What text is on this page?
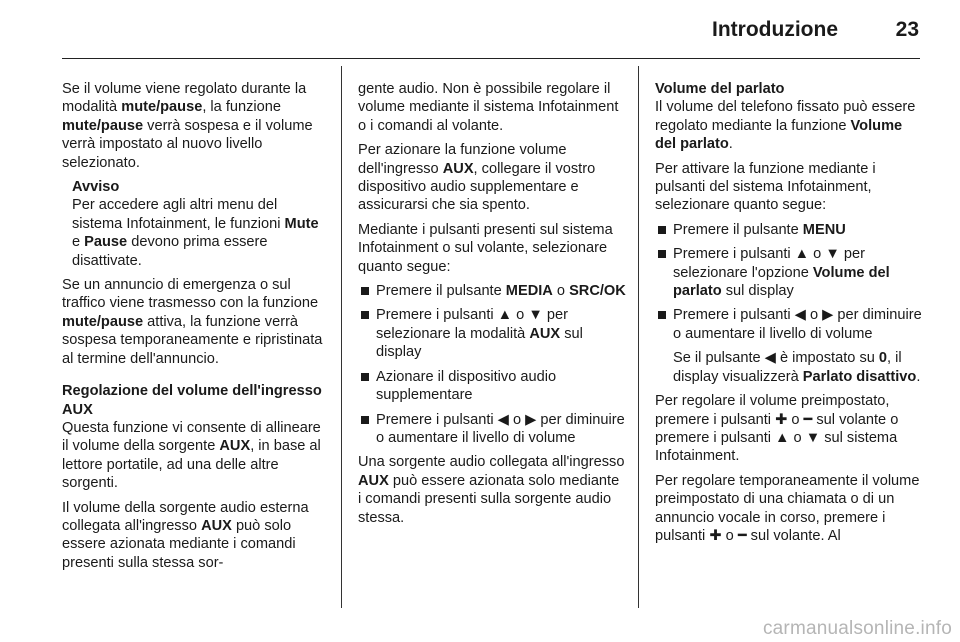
Introduzione	23

Se il volume viene regolato durante la modalità mute/pause, la funzione mute/pause verrà sospesa e il volume verrà impostato al nuovo livello selezionato.

Avviso
Per accedere agli altri menu del sistema Infotainment, le funzioni Mute e Pause devono prima essere disattivate.

Se un annuncio di emergenza o sul traffico viene trasmesso con la funzione mute/pause attiva, la funzione verrà sospesa temporaneamente e ripristinata al termine dell'annuncio.

Regolazione del volume dell'ingresso AUX

Questa funzione vi consente di allineare il volume della sorgente AUX, in base al lettore portatile, ad una delle altre sorgenti.

Il volume della sorgente audio esterna collegata all'ingresso AUX può solo essere azionata mediante i comandi presenti sulla stessa sor-

gente audio. Non è possibile regolare il volume mediante il sistema Infotainment o i comandi al volante.

Per azionare la funzione volume dell'ingresso AUX, collegare il vostro dispositivo audio supplementare e assicurarsi che sia spento.

Mediante i pulsanti presenti sul sistema Infotainment o sul volante, selezionare quanto segue:

Premere il pulsante MEDIA o SRC/OK
Premere i pulsanti ▲ o ▼ per selezionare la modalità AUX sul display
Azionare il dispositivo audio supplementare
Premere i pulsanti ◀ o ▶ per diminuire o aumentare il livello di volume

Una sorgente audio collegata all'ingresso AUX può essere azionata solo mediante i comandi presenti sulla sorgente audio stessa.

Volume del parlato

Il volume del telefono fissato può essere regolato mediante la funzione Volume del parlato.

Per attivare la funzione mediante i pulsanti del sistema Infotainment, selezionare quanto segue:

Premere il pulsante MENU
Premere i pulsanti ▲ o ▼ per selezionare l'opzione Volume del parlato sul display
Premere i pulsanti ◀ o ▶ per diminuire o aumentare il livello di volume
Se il pulsante ◀ è impostato su 0, il display visualizzerà Parlato disattivo.

Per regolare il volume preimpostato, premere i pulsanti ✚ o ━ sul volante o premere i pulsanti ▲ o ▼ sul sistema Infotainment.

Per regolare temporaneamente il volume preimpostato di una chiamata o di un annuncio vocale in corso, premere i pulsanti ✚ o ━ sul volante. Al

carmanualsonline.info
